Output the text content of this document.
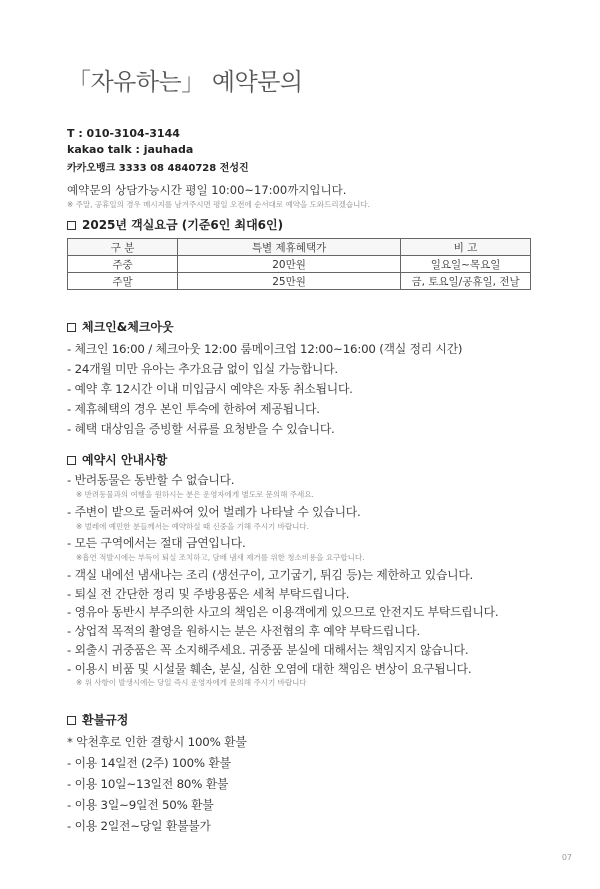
「자유하는」 예약문의
T : 010-3104-3144
kakao talk : jauhada
카카오뱅크 3333 08 4840728 전성진
예약문의 상담가능시간 평일 10:00~17:00까지입니다.
※ 주말, 공휴일의 경우 메시지를 남겨주시면 평일 오전에 순서대로 예약을 도와드리겠습니다.
2025년 객실요금 (기준6인 최대6인)
구 분	특별 제휴혜택가	비 고
주중	20만원	일요일~목요일
주말	25만원	금, 토요일/공휴일, 전날
체크인&체크아웃
- 체크인 16:00 / 체크아웃 12:00 룸메이크업 12:00~16:00 (객실 정리 시간)
- 24개월 미만 유아는 추가요금 없이 입실 가능합니다.
- 예약 후 12시간 이내 미입금시 예약은 자동 취소됩니다.
- 제휴혜택의 경우 본인 투숙에 한하여 제공됩니다.
- 혜택 대상임을 증빙할 서류를 요청받을 수 있습니다.
예약시 안내사항
- 반려동물은 동반할 수 없습니다.
※ 반려동물과의 여행을 원하시는 분은 운영자에게 별도로 문의해 주세요.
- 주변이 밭으로 둘러싸여 있어 벌레가 나타날 수 있습니다.
※ 벌레에 예민한 분들께서는 예약하실 때 신중을 기해 주시기 바랍니다.
- 모든 구역에서는 절대 금연입니다.
※흡연 적발시에는 부득이 퇴실 조치하고, 담배 냄새 제거를 위한 청소비용을 요구합니다.
- 객실 내에선 냄새나는 조리 (생선구이, 고기굽기, 튀김 등)는 제한하고 있습니다.
- 퇴실 전 간단한 정리 및 주방용품은 세척 부탁드립니다.
- 영유아 동반시 부주의한 사고의 책임은 이용객에게 있으므로 안전지도 부탁드립니다.
- 상업적 목적의 촬영을 원하시는 분은 사전협의 후 예약 부탁드립니다.
- 외출시 귀중품은 꼭 소지해주세요. 귀중품 분실에 대해서는 책임지지 않습니다.
- 이용시 비품 및 시설물 훼손, 분실, 심한 오염에 대한 책임은 변상이 요구됩니다.
※ 위 사항이 발생시에는 당일 즉시 운영자에게 문의해 주시기 바랍니다
환불규정
* 악천후로 인한 결항시 100% 환불
- 이용 14일전 (2주) 100% 환불
- 이용 10일~13일전 80% 환불
- 이용 3일~9일전 50% 환불
- 이용 2일전~당일 환불불가
07
